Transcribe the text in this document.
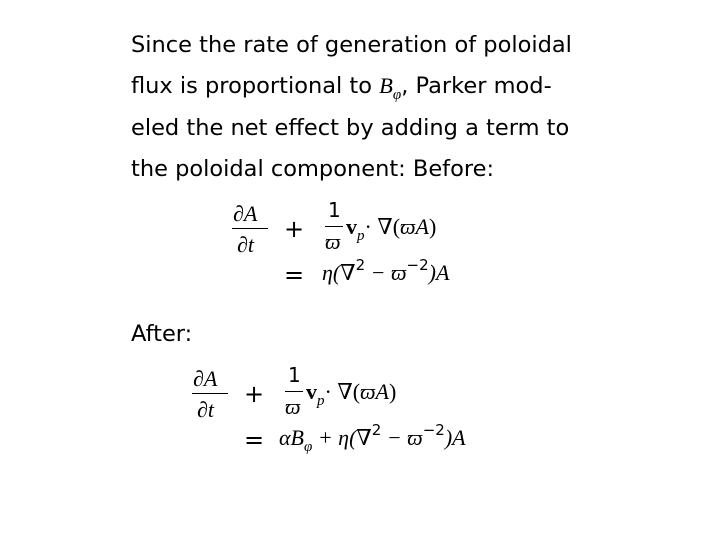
Since the rate of generation of poloidal
flux is proportional to $B_\varphi$, Parker mod-
eled the net effect by adding a term to
the poloidal component: Before:
∂A
∂t
+
1
ϖ
$v_p\cdot \nabla(ϖA)$
= $\eta(\nabla^2 - ϖ^{-2})A$
After:
∂A
∂t
+
1
ϖ
$v_p\cdot \nabla(ϖA)$
= $\alpha B_\varphi + \eta(\nabla^2 - ϖ^{-2})A$
